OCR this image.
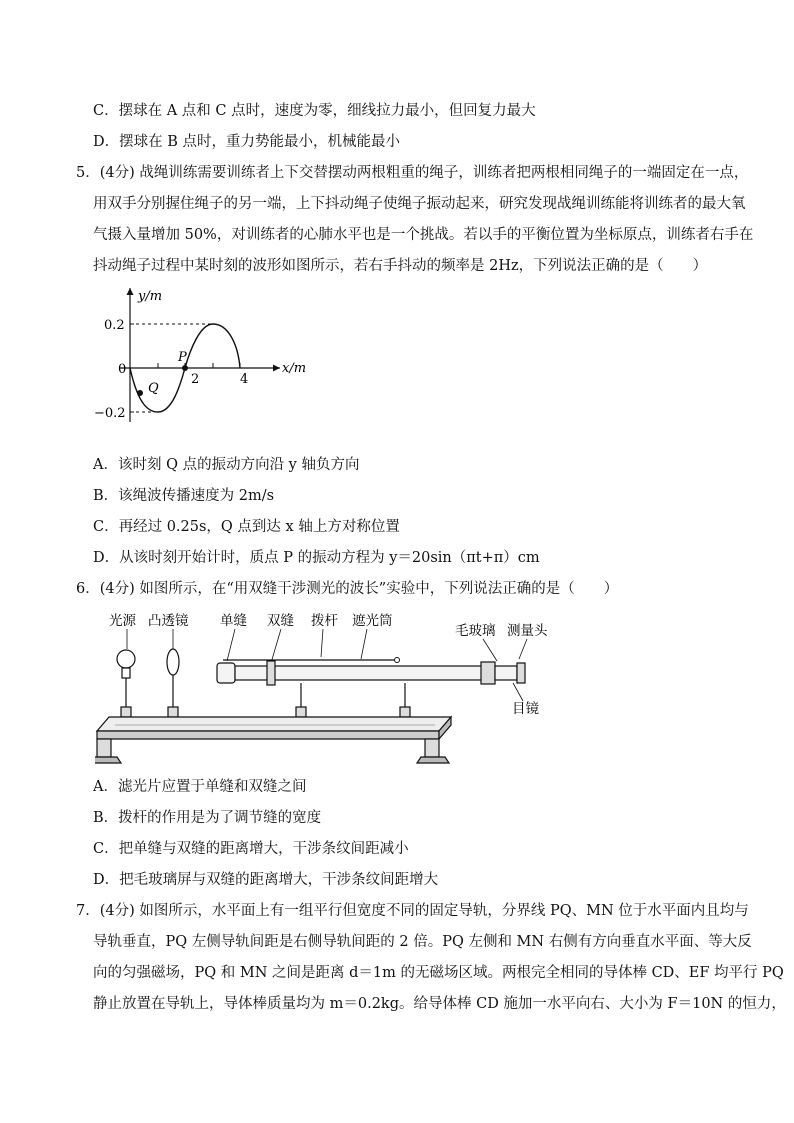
C．摆球在 A 点和 C 点时，速度为零，细线拉力最小，但回复力最大
D．摆球在 B 点时，重力势能最小，机械能最小
5．(4分) 战绳训练需要训练者上下交替摆动两根粗重的绳子，训练者把两根相同绳子的一端固定在一点，
用双手分别握住绳子的另一端，上下抖动绳子使绳子振动起来，研究发现战绳训练能将训练者的最大氧
气摄入量增加 50%，对训练者的心肺水平也是一个挑战。若以手的平衡位置为坐标原点，训练者右手在
抖动绳子过程中某时刻的波形如图所示，若右手抖动的频率是 2Hz，下列说法正确的是（　　）
y/m
x/m
0.2
−0.2
0
2	4
P
Q
A．该时刻 Q 点的振动方向沿 y 轴负方向
B．该绳波传播速度为 2m/s
C．再经过 0.25s，Q 点到达 x 轴上方对称位置
D．从该时刻开始计时，质点 P 的振动方程为 y＝20sin（πt+π）cm
6．(4分) 如图所示，在“用双缝干涉测光的波长”实验中，下列说法正确的是（　　）
光源 凸透镜 单缝 双缝 拨杆 遮光筒
毛玻璃 测量头
目镜
A．滤光片应置于单缝和双缝之间
B．拨杆的作用是为了调节缝的宽度
C．把单缝与双缝的距离增大，干涉条纹间距减小
D．把毛玻璃屏与双缝的距离增大，干涉条纹间距增大
7．(4分) 如图所示，水平面上有一组平行但宽度不同的固定导轨，分界线 PQ、MN 位于水平面内且均与
导轨垂直，PQ 左侧导轨间距是右侧导轨间距的 2 倍。PQ 左侧和 MN 右侧有方向垂直水平面、等大反
向的匀强磁场，PQ 和 MN 之间是距离 d＝1m 的无磁场区域。两根完全相同的导体棒 CD、EF 均平行 PQ
静止放置在导轨上，导体棒质量均为 m＝0.2kg。给导体棒 CD 施加一水平向右、大小为 F＝10N 的恒力，
